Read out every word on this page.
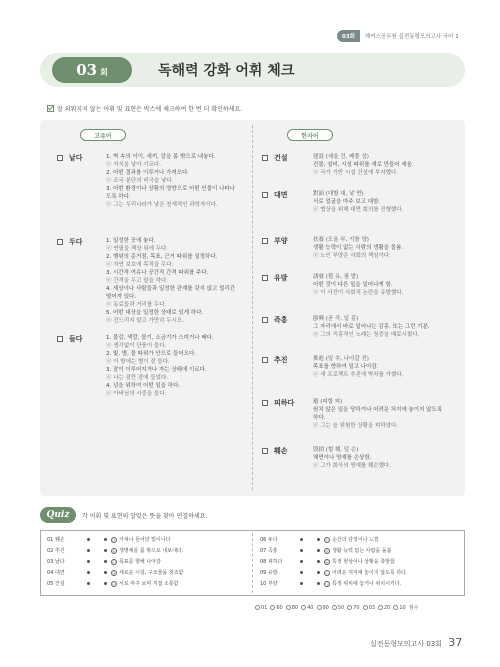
03회	해커스공무원 실전동형모의고사 국어 1
03 회	독해력 강화 어휘 체크
잘 외워지지 않는 어휘 및 표현은 박스에 체크하여 한 번 더 확인하세요.
고유어	한자어
낱다	1. 벽 속의 이이, 새끼, 알을 몸 밖으로 내놓다.
ⓔ 자식을 낳아 기르다.
2. 어떤 결과를 이루거나 가져오다.
ⓔ 조국 분단의 비극을 낳다.
3. 어떤 환경이나 상황의 영향으로 어떤 인물이 나타나
도록 하다.
ⓔ 그는 우리나라가 낳은 천재적인 과학자이다.
두다	1. 일정한 곳에 놓다.
ⓔ 연필을 책상 위에 두다.
2. 행위의 준거점, 목표, 근거 따위를 설정하다.
ⓔ 자연 보호에 목적을 두다.
3. 시간적 여유나 공간적 간격 따위를 주다.
ⓔ 간격을 두고 말을 하다.
4. 세상이나 사람들과 일정한 관계를 갖지 않고 멀리간
떨어져 있다.
ⓔ 동료들과 거리를 두다.
5. 어떤 대상을 일정한 상태로 있게 하다.
ⓔ 건드리지 말고 가만히 두시오.
들다	1. 물감, 색깔, 물기, 소금기가 스미거나 배다.
ⓔ 생각없이 단풍이 들다.
2. 빛, 별, 물 따위가 안으로 들어오다.
ⓔ 이 방에는 별이 잘 들다.
3. 잠이 이루어지거나 자는 상태에 이르다.
ⓔ 나는 잠깐 잠에 들었다.
4. 넘을 위하여 어떤 일을 하다.
ⓔ 아버님의 시중을 들다.
건설	建設 (세울 건, 베풀 설)
건물, 설비, 시설 따위를 새로 만들어 세움.
ⓔ 국가 기반 시설 건설에 투자했다.
대면	對面 (대할 대, 낯 면)
서로 얼굴을 마주 보고 대함.
ⓔ 협상을 위해 대면 회의를 진행했다.
부양	扶養 (도울 부, 기를 양)
생활 능력이 없는 사람의 생활을 돌봄.
ⓔ 노인 부양은 사회의 책임이다.
유발	誘發 (꾈 유, 필 발)
어떤 것이 다른 일을 일어나게 함.
ⓔ 이 사건이 사회적 논란을 유발했다.
즉흥	卽興 (곧 즉, 일 흥)
그 자리에서 바로 일어나는 감흥. 또는 그런 기분.
ⓔ 그의 즉흥적인 노래는 청중을 매료시켰다.
추진	推進 (밀 추, 나아갈 진)
목표를 향하여 밀고 나아감.
ⓔ 새 프로젝트 추진에 박차를 가했다.
피하다	避 (피할 피)
원치 않은 일을 당하거나 어려운 처지에 놓이지 않도록
하다.
ⓔ 그는 늘 위험한 상황을 피하였다.
훼손	毁損 (헐 훼, 덜 손)
체면이나 명예를 손상함.
ⓔ 그가 회사의 명예를 훼손했다.
Quiz	각 어휘 및 표현의 알맞은 뜻을 찾아 연결하세요.
01 훼손	ⓐ 가져나 들어앉 빛이나다
02 추진	ⓑ 생명체를 몸 밖으로 내보내다.
03 낱다	ⓒ 목표를 향해 나아감
04 대면	ⓓ 새로운 시설, 구조물을 창조함
05 건설	ⓔ 서로 마주 보며 직접 소통함
06 두다	ⓕ 순간의 감정이나 느낌
07 즉흥	ⓖ 생활 능력 없는 사람을 돌봄
08 피하다	ⓗ 특정 현상이나 상황을 촉발함
09 유발	ⓘ 어려운 처지에 놓이지 않도록 하다.
10 부양	ⓙ 특정 위치에 놓거나 위치시키다.
01 60 80 40 90 50 70 03 20 10 점수
실전동형모의고사 03회 37
